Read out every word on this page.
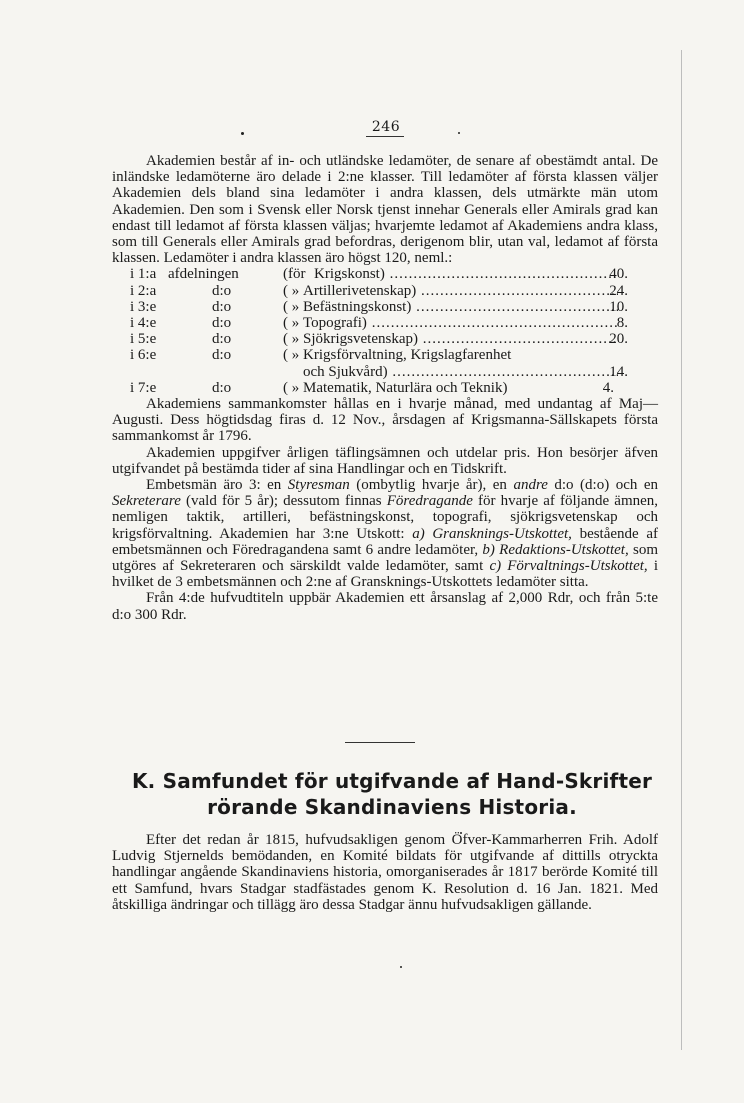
246

Akademien består af in- och utländske ledamöter, de senare af obestämdt antal. De inländske ledamöterne äro delade i 2:ne klasser. Till ledamöter af första klassen väljer Akademien dels bland sina ledamöter i andra klassen, dels utmärkte män utom Akademien. Den som i Svensk eller Norsk tjenst innehar Generals eller Amirals grad kan endast till ledamot af första klassen väljas; hvarjemte ledamot af Akademiens andra klass, som till Generals eller Amirals grad befordras, derigenom blir, utan val, ledamot af första klassen. Ledamöter i andra klassen äro högst 120, neml.:

i 1:a afdelningen	(för Krigskonst) .....	40.
i 2:a	d:o	( » Artillerivetenskap) .....	24.
i 3:e	d:o	( » Befästningskonst) .....	10.
i 4:e	d:o	( » Topografi) .....	8.
i 5:e	d:o	( » Sjökrigsvetenskap) .....	20.
i 6:e	d:o	( » Krigsförvaltning, Krigslagfarenhet
och Sjukvård) .....	14.
i 7:e	d:o	( » Matematik, Naturlära och Teknik)	4.

Akademiens sammankomster hållas en i hvarje månad, med undantag af Maj—Augusti. Dess högtidsdag firas d. 12 Nov., årsdagen af Krigsmanna-Sällskapets första sammankomst år 1796.

Akademien uppgifver årligen täflingsämnen och utdelar pris. Hon besörjer äfven utgifvandet på bestämda tider af sina Handlingar och en Tidskrift.

Embetsmän äro 3: en Styresman (ombytlig hvarje år), en andre d:o (d:o) och en Sekreterare (vald för 5 år); dessutom finnas Föredragande för hvarje af följande ämnen, nemligen taktik, artilleri, befästningskonst, topografi, sjökrigsvetenskap och krigsförvaltning. Akademien har 3:ne Utskott: a) Gransknings-Utskottet, bestående af embetsmännen och Föredragandena samt 6 andre ledamöter, b) Redaktions-Utskottet, som utgöres af Sekreteraren och särskildt valde ledamöter, samt c) Förvaltnings-Utskottet, i hvilket de 3 embetsmännen och 2:ne af Gransknings-Utskottets ledamöter sitta.

Från 4:de hufvudtiteln uppbär Akademien ett årsanslag af 2,000 Rdr, och från 5:te d:o 300 Rdr.

K. Samfundet för utgifvande af Hand-Skrifter
rörande Skandinaviens Historia.

Efter det redan år 1815, hufvudsakligen genom Öfver-Kammarherren Frih. Adolf Ludvig Stjernelds bemödanden, en Komité bildats för utgifvande af dittills otryckta handlingar angående Skandinaviens historia, omorganiserades år 1817 berörde Komité till ett Samfund, hvars Stadgar stadfästades genom K. Resolution d. 16 Jan. 1821. Med åtskilliga ändringar och tillägg äro dessa Stadgar ännu hufvudsakligen gällande.
